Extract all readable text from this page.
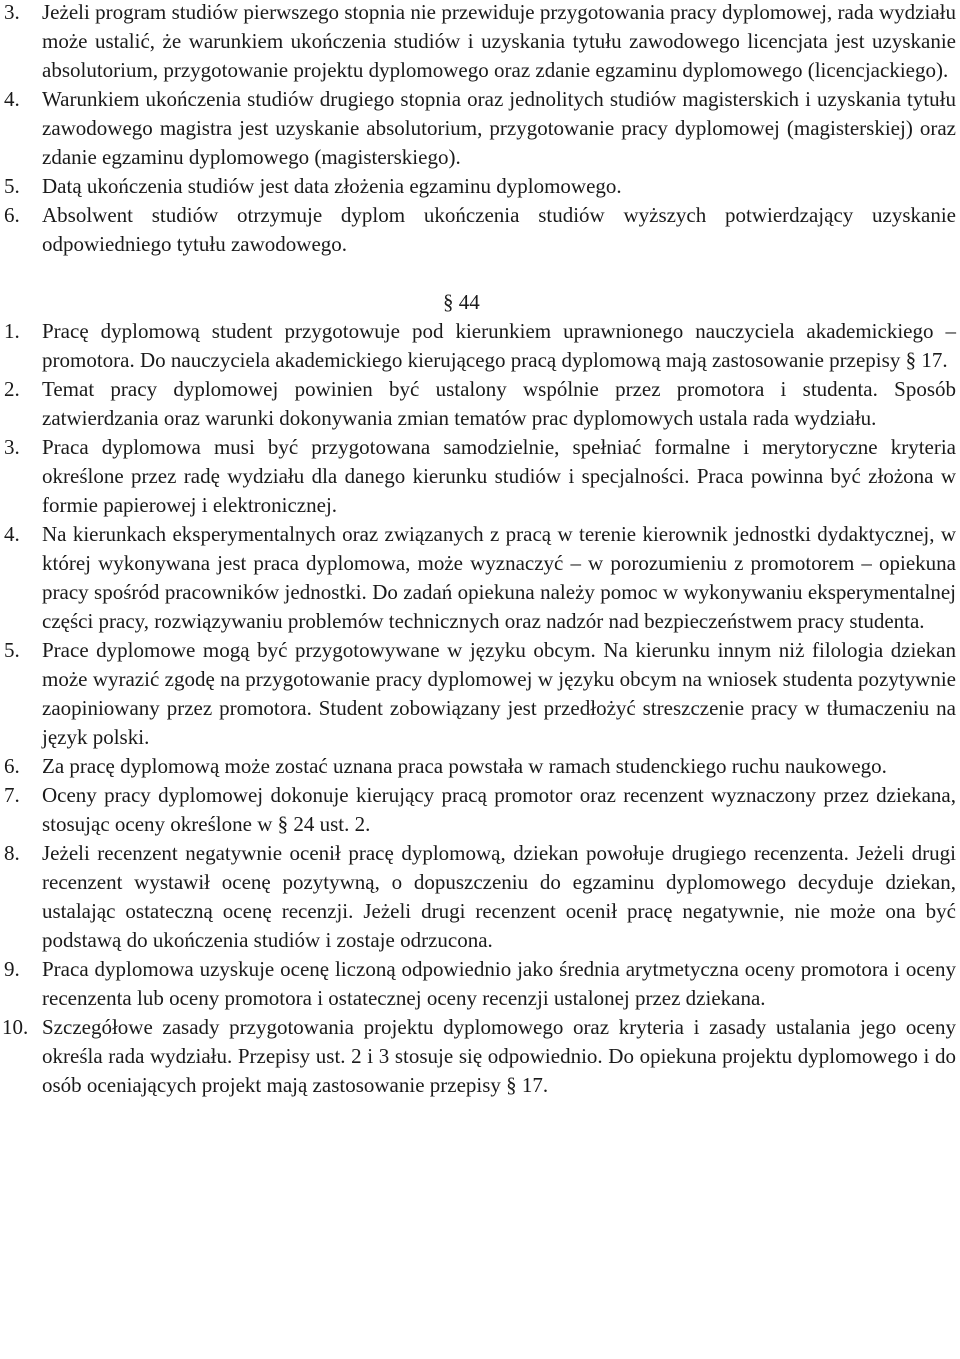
3. Jeżeli program studiów pierwszego stopnia nie przewiduje przygotowania pracy dyplomowej, rada wydziału może ustalić, że warunkiem ukończenia studiów i uzyskania tytułu zawodowego licencjata jest uzyskanie absolutorium, przygotowanie projektu dyplomowego oraz zdanie egzaminu dyplomowego (licencjackiego).
4. Warunkiem ukończenia studiów drugiego stopnia oraz jednolitych studiów magisterskich i uzyskania tytułu zawodowego magistra jest uzyskanie absolutorium, przygotowanie pracy dyplomowej (magisterskiej) oraz zdanie egzaminu dyplomowego (magisterskiego).
5. Datą ukończenia studiów jest data złożenia egzaminu dyplomowego.
6. Absolwent studiów otrzymuje dyplom ukończenia studiów wyższych potwierdzający uzyskanie odpowiedniego tytułu zawodowego.
§ 44
1. Pracę dyplomową student przygotowuje pod kierunkiem uprawnionego nauczyciela akademickiego – promotora. Do nauczyciela akademickiego kierującego pracą dyplomową mają zastosowanie przepisy § 17.
2. Temat pracy dyplomowej powinien być ustalony wspólnie przez promotora i studenta. Sposób zatwierdzania oraz warunki dokonywania zmian tematów prac dyplomowych ustala rada wydziału.
3. Praca dyplomowa musi być przygotowana samodzielnie, spełniać formalne i merytoryczne kryteria określone przez radę wydziału dla danego kierunku studiów i specjalności. Praca powinna być złożona w formie papierowej i elektronicznej.
4. Na kierunkach eksperymentalnych oraz związanych z pracą w terenie kierownik jednostki dydaktycznej, w której wykonywana jest praca dyplomowa, może wyznaczyć – w porozumieniu z promotorem – opiekuna pracy spośród pracowników jednostki. Do zadań opiekuna należy pomoc w wykonywaniu eksperymentalnej części pracy, rozwiązywaniu problemów technicznych oraz nadzór nad bezpieczeństwem pracy studenta.
5. Prace dyplomowe mogą być przygotowywane w języku obcym. Na kierunku innym niż filologia dziekan może wyrazić zgodę na przygotowanie pracy dyplomowej w języku obcym na wniosek studenta pozytywnie zaopiniowany przez promotora. Student zobowiązany jest przedłożyć streszczenie pracy w tłumaczeniu na język polski.
6. Za pracę dyplomową może zostać uznana praca powstała w ramach studenckiego ruchu naukowego.
7. Oceny pracy dyplomowej dokonuje kierujący pracą promotor oraz recenzent wyznaczony przez dziekana, stosując oceny określone w § 24 ust. 2.
8. Jeżeli recenzent negatywnie ocenił pracę dyplomową, dziekan powołuje drugiego recenzenta. Jeżeli drugi recenzent wystawił ocenę pozytywną, o dopuszczeniu do egzaminu dyplomowego decyduje dziekan, ustalając ostateczną ocenę recenzji. Jeżeli drugi recenzent ocenił pracę negatywnie, nie może ona być podstawą do ukończenia studiów i zostaje odrzucona.
9. Praca dyplomowa uzyskuje ocenę liczoną odpowiednio jako średnia arytmetyczna oceny promotora i oceny recenzenta lub oceny promotora i ostatecznej oceny recenzji ustalonej przez dziekana.
10. Szczegółowe zasady przygotowania projektu dyplomowego oraz kryteria i zasady ustalania jego oceny określa rada wydziału. Przepisy ust. 2 i 3 stosuje się odpowiednio. Do opiekuna projektu dyplomowego i do osób oceniających projekt mają zastosowanie przepisy § 17.
